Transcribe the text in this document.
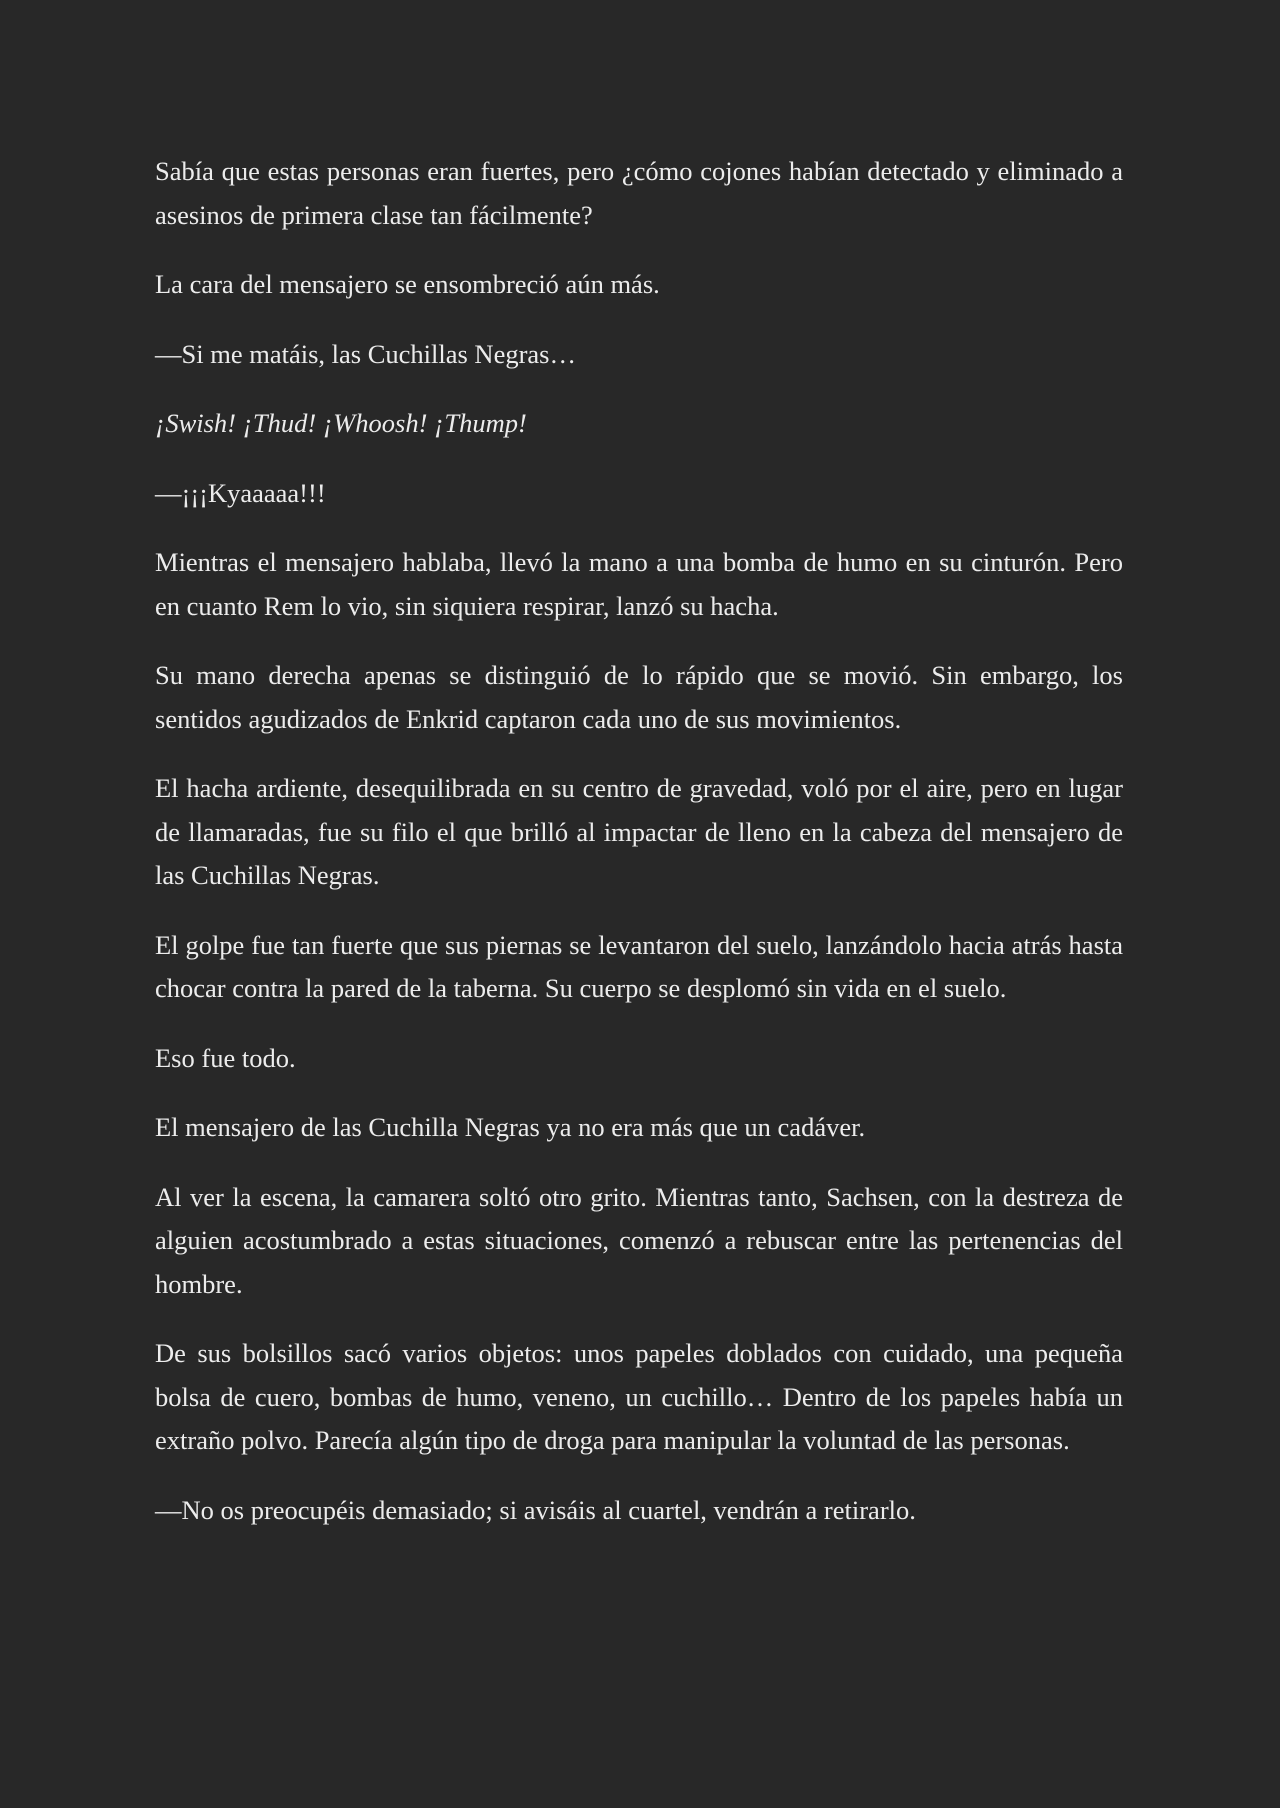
Sabía que estas personas eran fuertes, pero ¿cómo cojones habían detectado y eliminado a asesinos de primera clase tan fácilmente?

La cara del mensajero se ensombreció aún más.

—Si me matáis, las Cuchillas Negras…

¡Swish! ¡Thud! ¡Whoosh! ¡Thump!

—¡¡¡Kyaaaaa!!!

Mientras el mensajero hablaba, llevó la mano a una bomba de humo en su cinturón. Pero en cuanto Rem lo vio, sin siquiera respirar, lanzó su hacha.

Su mano derecha apenas se distinguió de lo rápido que se movió. Sin embargo, los sentidos agudizados de Enkrid captaron cada uno de sus movimientos.

El hacha ardiente, desequilibrada en su centro de gravedad, voló por el aire, pero en lugar de llamaradas, fue su filo el que brilló al impactar de lleno en la cabeza del mensajero de las Cuchillas Negras.

El golpe fue tan fuerte que sus piernas se levantaron del suelo, lanzándolo hacia atrás hasta chocar contra la pared de la taberna. Su cuerpo se desplomó sin vida en el suelo.

Eso fue todo.

El mensajero de las Cuchilla Negras ya no era más que un cadáver.

Al ver la escena, la camarera soltó otro grito. Mientras tanto, Sachsen, con la destreza de alguien acostumbrado a estas situaciones, comenzó a rebuscar entre las pertenencias del hombre.

De sus bolsillos sacó varios objetos: unos papeles doblados con cuidado, una pequeña bolsa de cuero, bombas de humo, veneno, un cuchillo… Dentro de los papeles había un extraño polvo. Parecía algún tipo de droga para manipular la voluntad de las personas.

—No os preocupéis demasiado; si avisáis al cuartel, vendrán a retirarlo.
